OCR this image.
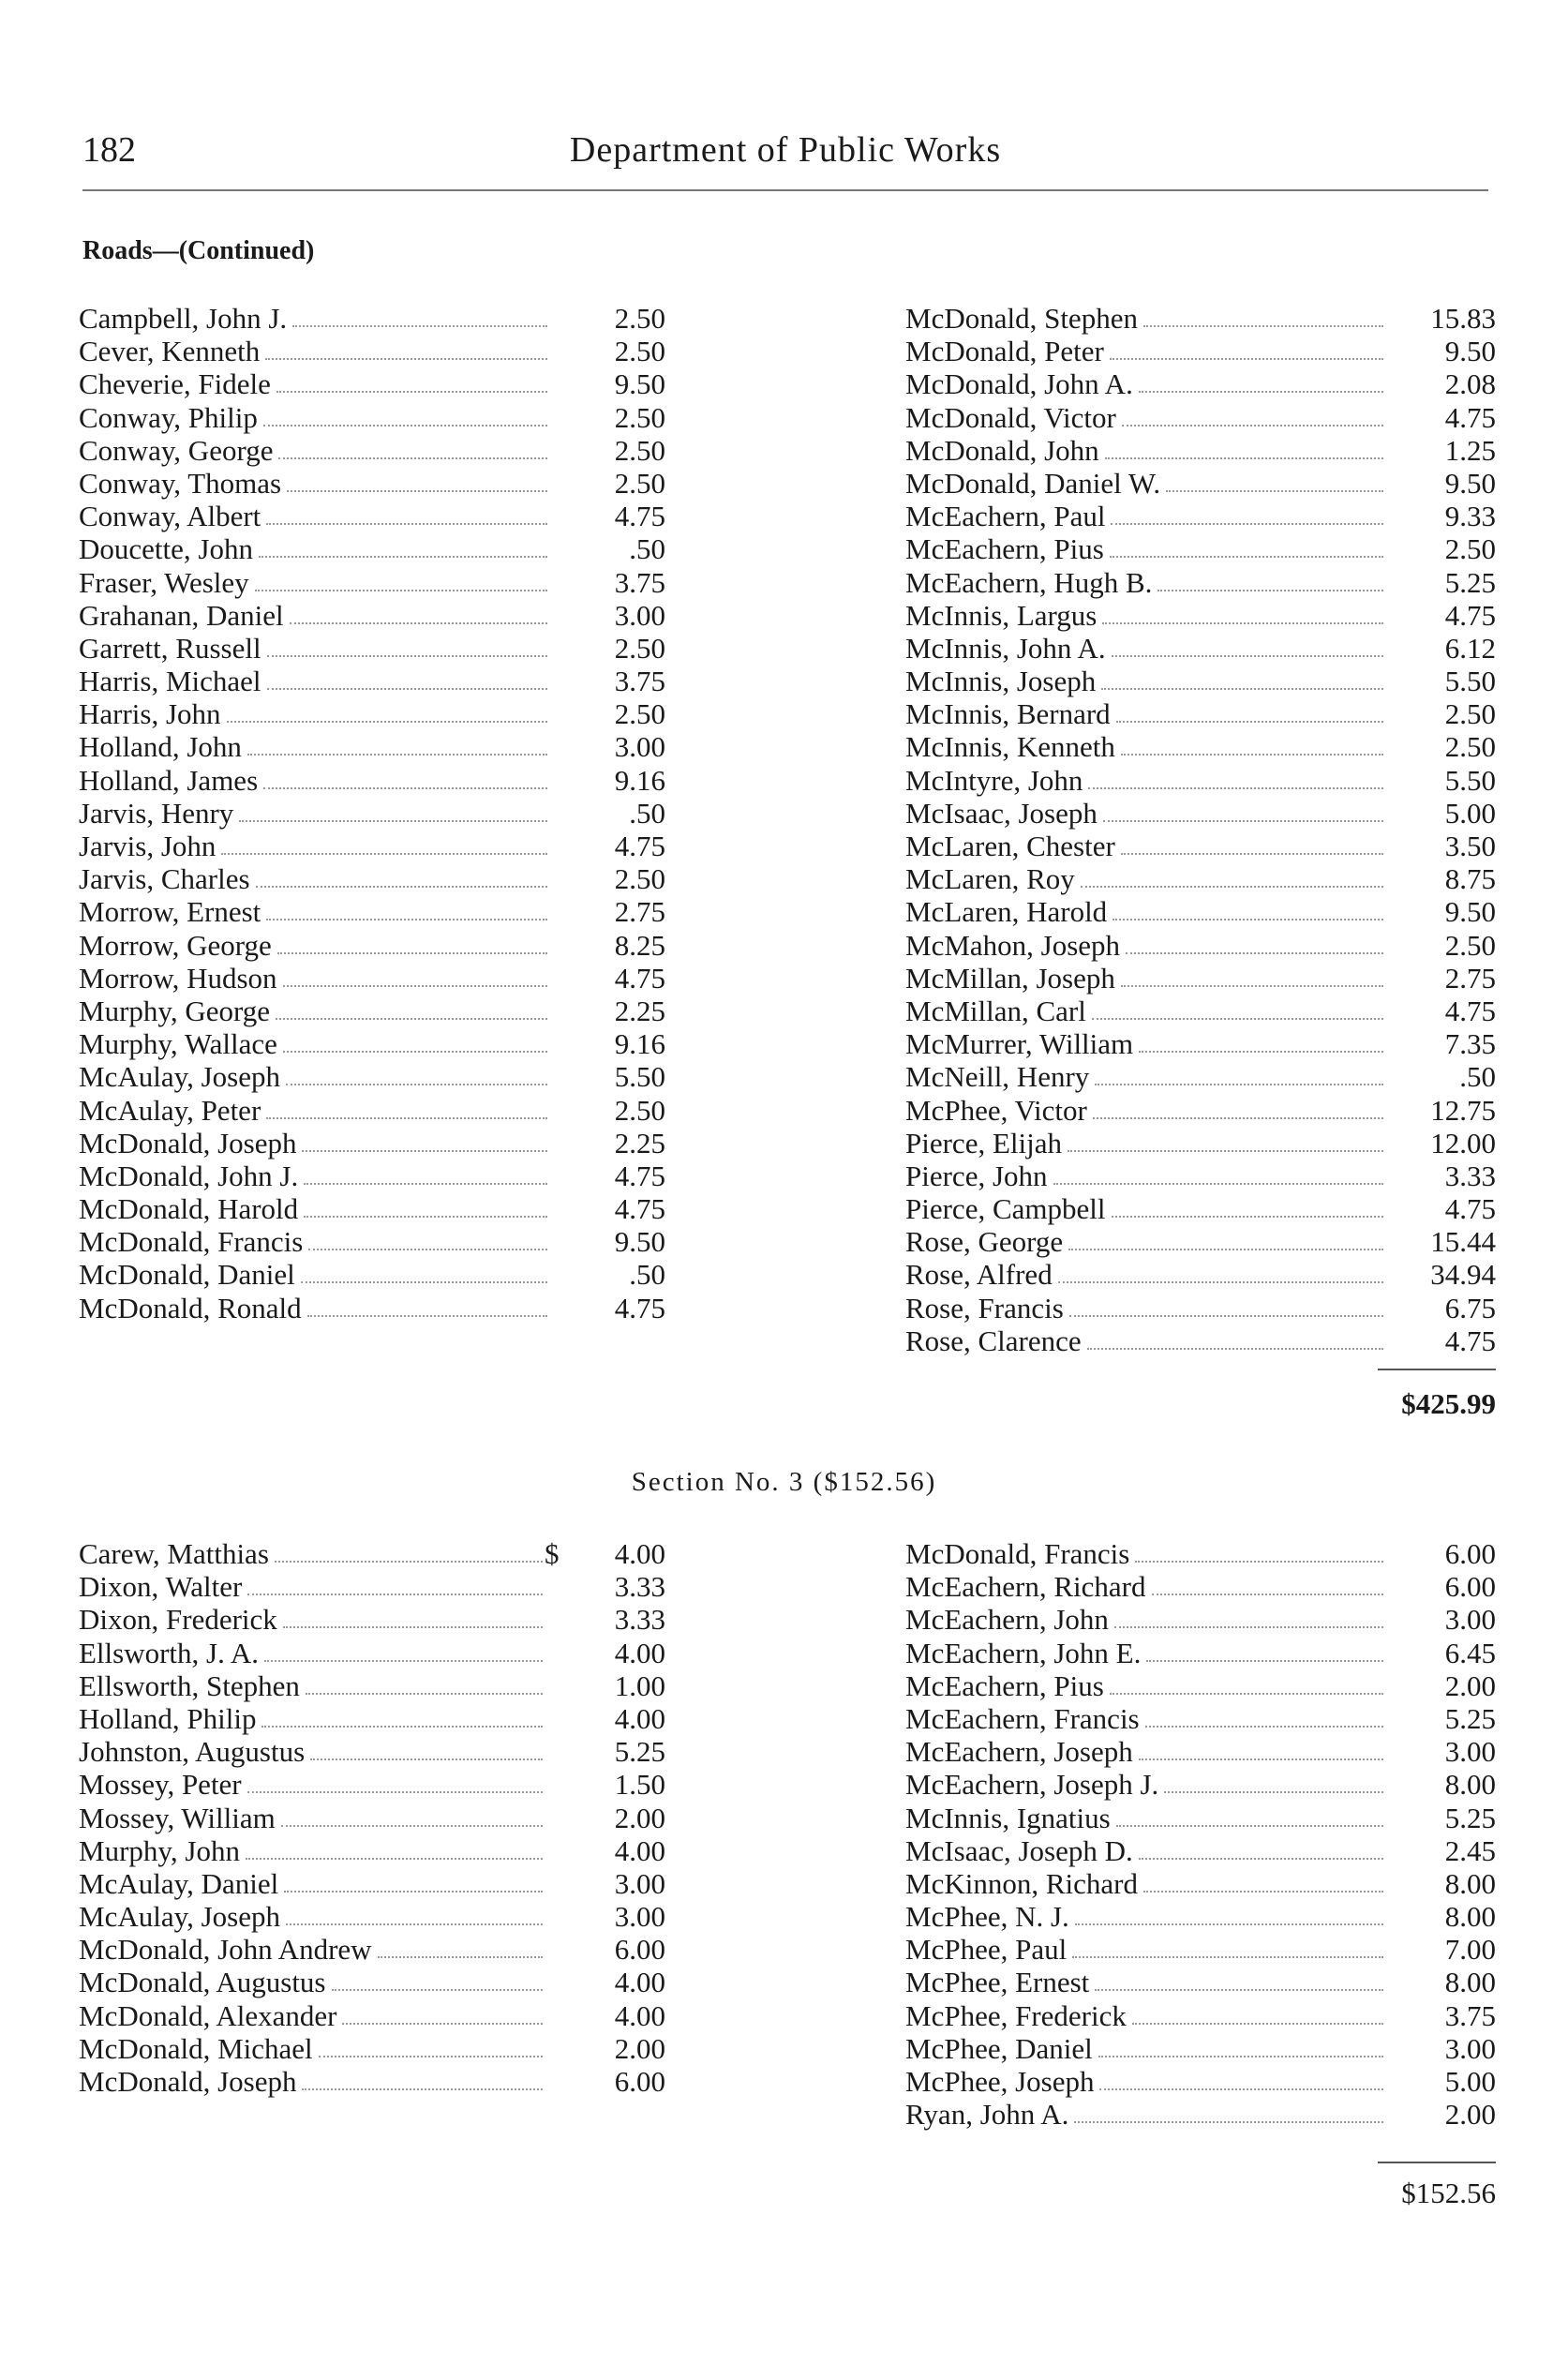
182	Department of Public Works
Roads—(Continued)
Campbell, John J.	2.50
Cever, Kenneth	2.50
Cheverie, Fidele	9.50
Conway, Philip	2.50
Conway, George	2.50
Conway, Thomas	2.50
Conway, Albert	4.75
Doucette, John	.50
Fraser, Wesley	3.75
Grahanan, Daniel	3.00
Garrett, Russell	2.50
Harris, Michael	3.75
Harris, John	2.50
Holland, John	3.00
Holland, James	9.16
Jarvis, Henry	.50
Jarvis, John	4.75
Jarvis, Charles	2.50
Morrow, Ernest	2.75
Morrow, George	8.25
Morrow, Hudson	4.75
Murphy, George	2.25
Murphy, Wallace	9.16
McAulay, Joseph	5.50
McAulay, Peter	2.50
McDonald, Joseph	2.25
McDonald, John J.	4.75
McDonald, Harold	4.75
McDonald, Francis	9.50
McDonald, Daniel	.50
McDonald, Ronald	4.75
McDonald, Stephen	15.83
McDonald, Peter	9.50
McDonald, John A.	2.08
McDonald, Victor	4.75
McDonald, John	1.25
McDonald, Daniel W.	9.50
McEachern, Paul	9.33
McEachern, Pius	2.50
McEachern, Hugh B.	5.25
McInnis, Largus	4.75
McInnis, John A.	6.12
McInnis, Joseph	5.50
McInnis, Bernard	2.50
McInnis, Kenneth	2.50
McIntyre, John	5.50
McIsaac, Joseph	5.00
McLaren, Chester	3.50
McLaren, Roy	8.75
McLaren, Harold	9.50
McMahon, Joseph	2.50
McMillan, Joseph	2.75
McMillan, Carl	4.75
McMurrer, William	7.35
McNeill, Henry	.50
McPhee, Victor	12.75
Pierce, Elijah	12.00
Pierce, John	3.33
Pierce, Campbell	4.75
Rose, George	15.44
Rose, Alfred	34.94
Rose, Francis	6.75
Rose, Clarence	4.75
$425.99
Section No. 3 ($152.56)
Carew, Matthias	$	4.00
Dixon, Walter	3.33
Dixon, Frederick	3.33
Ellsworth, J. A.	4.00
Ellsworth, Stephen	1.00
Holland, Philip	4.00
Johnston, Augustus	5.25
Mossey, Peter	1.50
Mossey, William	2.00
Murphy, John	4.00
McAulay, Daniel	3.00
McAulay, Joseph	3.00
McDonald, John Andrew	6.00
McDonald, Augustus	4.00
McDonald, Alexander	4.00
McDonald, Michael	2.00
McDonald, Joseph	6.00
McDonald, Francis	6.00
McEachern, Richard	6.00
McEachern, John	3.00
McEachern, John E.	6.45
McEachern, Pius	2.00
McEachern, Francis	5.25
McEachern, Joseph	3.00
McEachern, Joseph J.	8.00
McInnis, Ignatius	5.25
McIsaac, Joseph D.	2.45
McKinnon, Richard	8.00
McPhee, N. J.	8.00
McPhee, Paul	7.00
McPhee, Ernest	8.00
McPhee, Frederick	3.75
McPhee, Daniel	3.00
McPhee, Joseph	5.00
Ryan, John A.	2.00
$152.56
